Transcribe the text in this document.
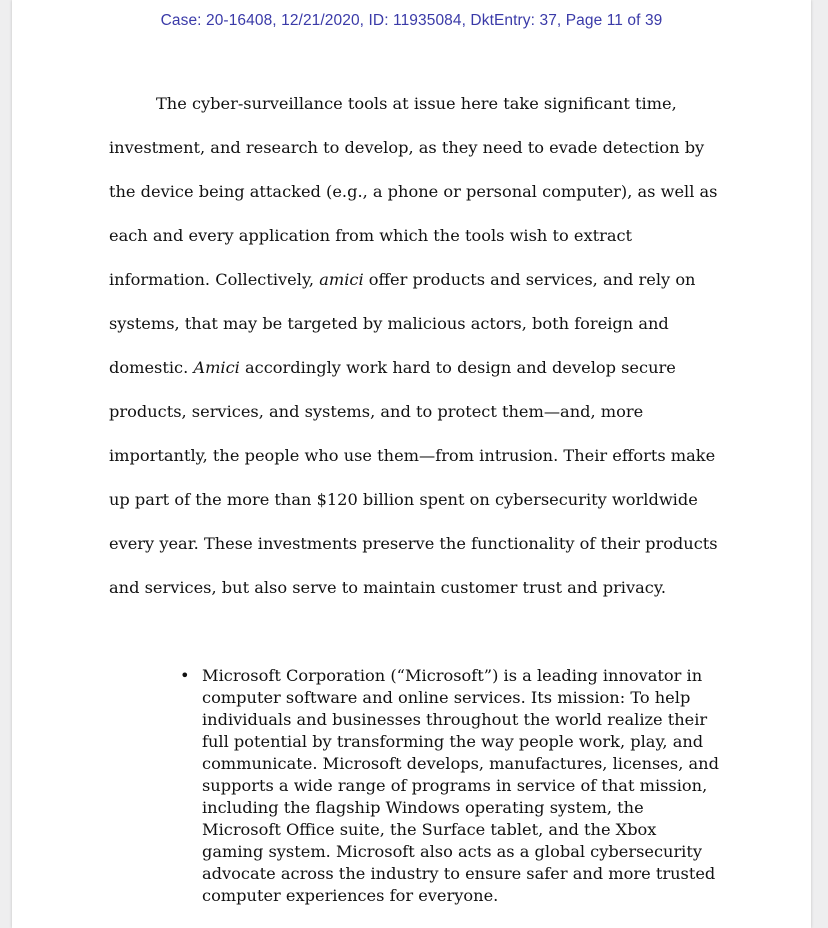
Case: 20-16408, 12/21/2020, ID: 11935084, DktEntry: 37, Page 11 of 39

The cyber-surveillance tools at issue here take significant time, investment, and research to develop, as they need to evade detection by the device being attacked (e.g., a phone or personal computer), as well as each and every application from which the tools wish to extract information. Collectively, amici offer products and services, and rely on systems, that may be targeted by malicious actors, both foreign and domestic. Amici accordingly work hard to design and develop secure products, services, and systems, and to protect them—and, more importantly, the people who use them—from intrusion. Their efforts make up part of the more than $120 billion spent on cybersecurity worldwide every year. These investments preserve the functionality of their products and services, but also serve to maintain customer trust and privacy.

• Microsoft Corporation (“Microsoft”) is a leading innovator in computer software and online services. Its mission: To help individuals and businesses throughout the world realize their full potential by transforming the way people work, play, and communicate. Microsoft develops, manufactures, licenses, and supports a wide range of programs in service of that mission, including the flagship Windows operating system, the Microsoft Office suite, the Surface tablet, and the Xbox gaming system. Microsoft also acts as a global cybersecurity advocate across the industry to ensure safer and more trusted computer experiences for everyone.
